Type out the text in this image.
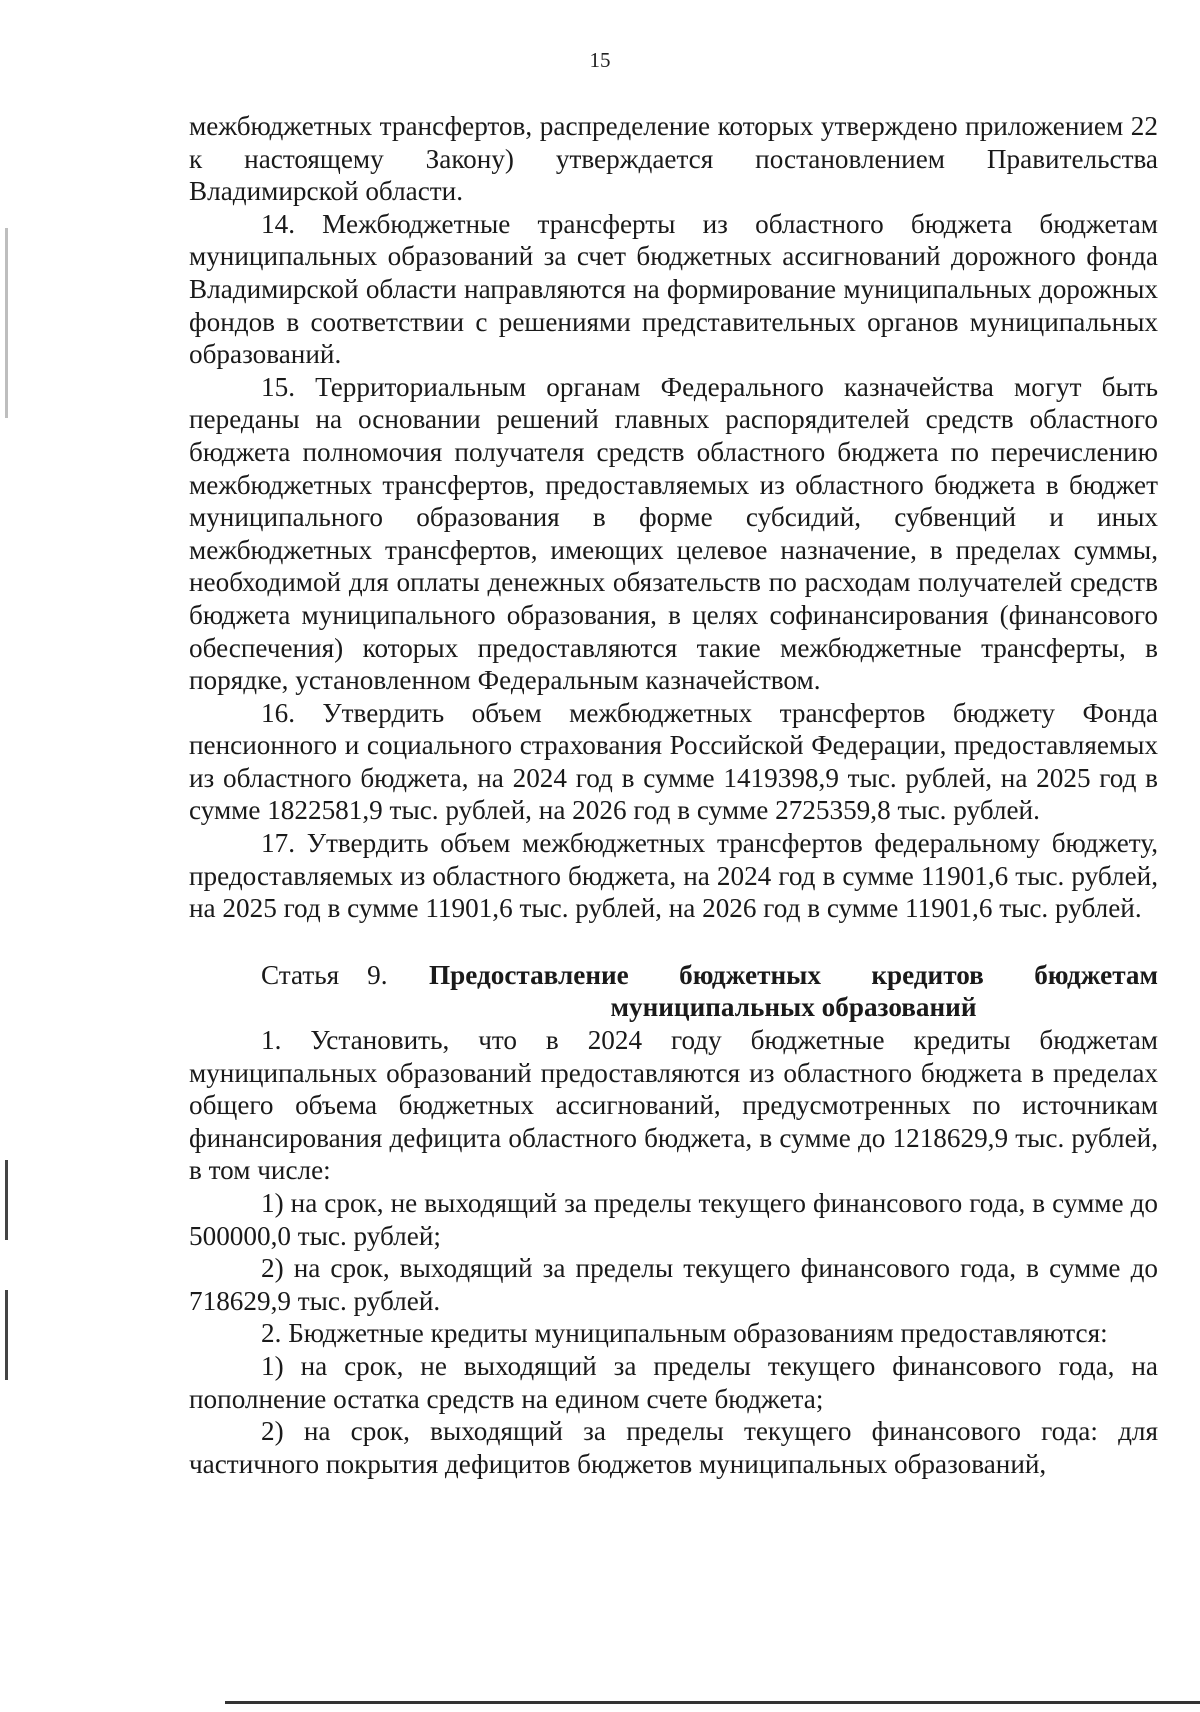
15

межбюджетных трансфертов, распределение которых утверждено приложением 22 к настоящему Закону) утверждается постановлением Правительства Владимирской области.

14. Межбюджетные трансферты из областного бюджета бюджетам муниципальных образований за счет бюджетных ассигнований дорожного фонда Владимирской области направляются на формирование муниципальных дорожных фондов в соответствии с решениями представительных органов муниципальных образований.

15. Территориальным органам Федерального казначейства могут быть переданы на основании решений главных распорядителей средств областного бюджета полномочия получателя средств областного бюджета по перечислению межбюджетных трансфертов, предоставляемых из областного бюджета в бюджет муниципального образования в форме субсидий, субвенций и иных межбюджетных трансфертов, имеющих целевое назначение, в пределах суммы, необходимой для оплаты денежных обязательств по расходам получателей средств бюджета муниципального образования, в целях софинансирования (финансового обеспечения) которых предоставляются такие межбюджетные трансферты, в порядке, установленном Федеральным казначейством.

16. Утвердить объем межбюджетных трансфертов бюджету Фонда пенсионного и социального страхования Российской Федерации, предоставляемых из областного бюджета, на 2024 год в сумме 1419398,9 тыс. рублей, на 2025 год в сумме 1822581,9 тыс. рублей, на 2026 год в сумме 2725359,8 тыс. рублей.

17. Утвердить объем межбюджетных трансфертов федеральному бюджету, предоставляемых из областного бюджета, на 2024 год в сумме 11901,6 тыс. рублей, на 2025 год в сумме 11901,6 тыс. рублей, на 2026 год в сумме 11901,6 тыс. рублей.

Статья 9.	Предоставление бюджетных кредитов бюджетам муниципальных образований

1. Установить, что в 2024 году бюджетные кредиты бюджетам муниципальных образований предоставляются из областного бюджета в пределах общего объема бюджетных ассигнований, предусмотренных по источникам финансирования дефицита областного бюджета, в сумме до 1218629,9 тыс. рублей, в том числе:

1) на срок, не выходящий за пределы текущего финансового года, в сумме до 500000,0 тыс. рублей;

2) на срок, выходящий за пределы текущего финансового года, в сумме до 718629,9 тыс. рублей.

2. Бюджетные кредиты муниципальным образованиям предоставляются:

1) на срок, не выходящий за пределы текущего финансового года, на пополнение остатка средств на едином счете бюджета;

2) на срок, выходящий за пределы текущего финансового года: для частичного покрытия дефицитов бюджетов муниципальных образований,
